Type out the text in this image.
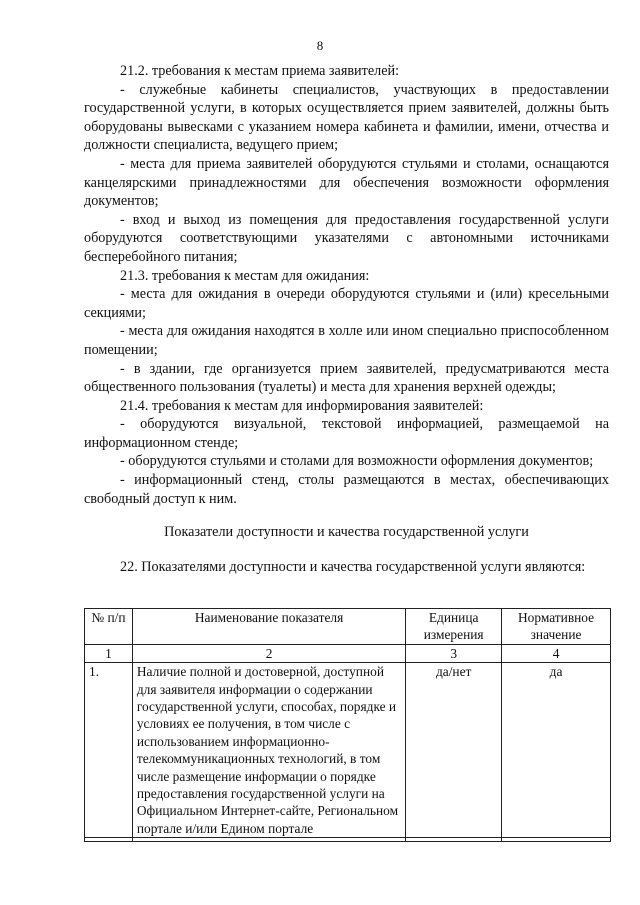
8

21.2. требования к местам приема заявителей:

- служебные кабинеты специалистов, участвующих в предоставлении государственной услуги, в которых осуществляется прием заявителей, должны быть оборудованы вывесками с указанием номера кабинета и фамилии, имени, отчества и должности специалиста, ведущего прием;

- места для приема заявителей оборудуются стульями и столами, оснащаются канцелярскими принадлежностями для обеспечения возможности оформления документов;

- вход и выход из помещения для предоставления государственной услуги оборудуются соответствующими указателями с автономными источниками бесперебойного питания;

21.3. требования к местам для ожидания:

- места для ожидания в очереди оборудуются стульями и (или) кресельными секциями;

- места для ожидания находятся в холле или ином специально приспособленном помещении;

- в здании, где организуется прием заявителей, предусматриваются места общественного пользования (туалеты) и места для хранения верхней одежды;

21.4. требования к местам для информирования заявителей:

- оборудуются визуальной, текстовой информацией, размещаемой на информационном стенде;

- оборудуются стульями и столами для возможности оформления документов;

- информационный стенд, столы размещаются в местах, обеспечивающих свободный доступ к ним.

Показатели доступности и качества государственной услуги

22. Показателями доступности и качества государственной услуги являются:

№ п/п	Наименование показателя	Единица измерения	Нормативное значение
1	2	3	4
1.	Наличие полной и достоверной, доступной для заявителя информации о содержании государственной услуги, способах, порядке и условиях ее получения, в том числе с использованием информационно-телекоммуникационных технологий, в том числе размещение информации о порядке предоставления государственной услуги на Официальном Интернет-сайте, Региональном портале и/или Едином портале	да/нет	да
